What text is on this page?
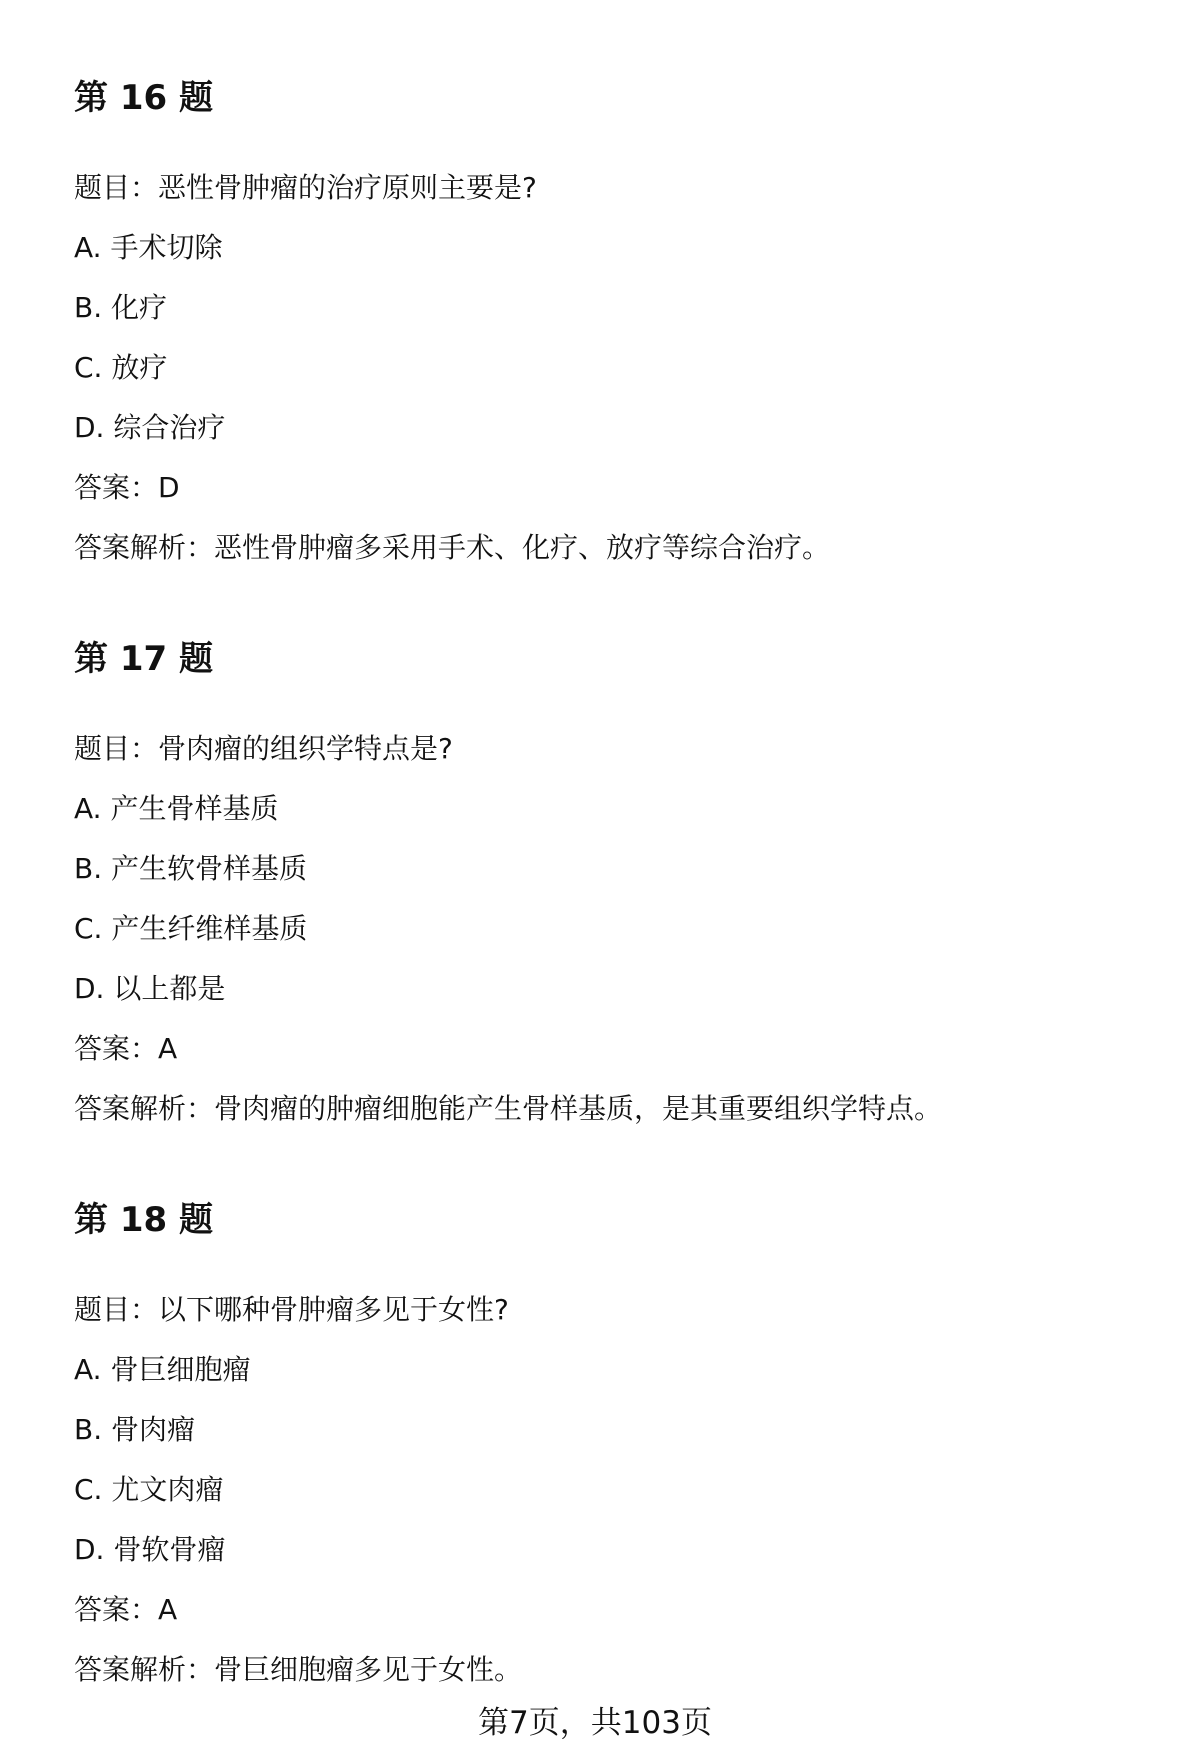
第 16 题
题目：恶性骨肿瘤的治疗原则主要是?
A. 手术切除
B. 化疗
C. 放疗
D. 综合治疗
答案：D
答案解析：恶性骨肿瘤多采用手术、化疗、放疗等综合治疗。
第 17 题
题目：骨肉瘤的组织学特点是?
A. 产生骨样基质
B. 产生软骨样基质
C. 产生纤维样基质
D. 以上都是
答案：A
答案解析：骨肉瘤的肿瘤细胞能产生骨样基质，是其重要组织学特点。
第 18 题
题目：以下哪种骨肿瘤多见于女性?
A. 骨巨细胞瘤
B. 骨肉瘤
C. 尤文肉瘤
D. 骨软骨瘤
答案：A
答案解析：骨巨细胞瘤多见于女性。
第7页，共103页
